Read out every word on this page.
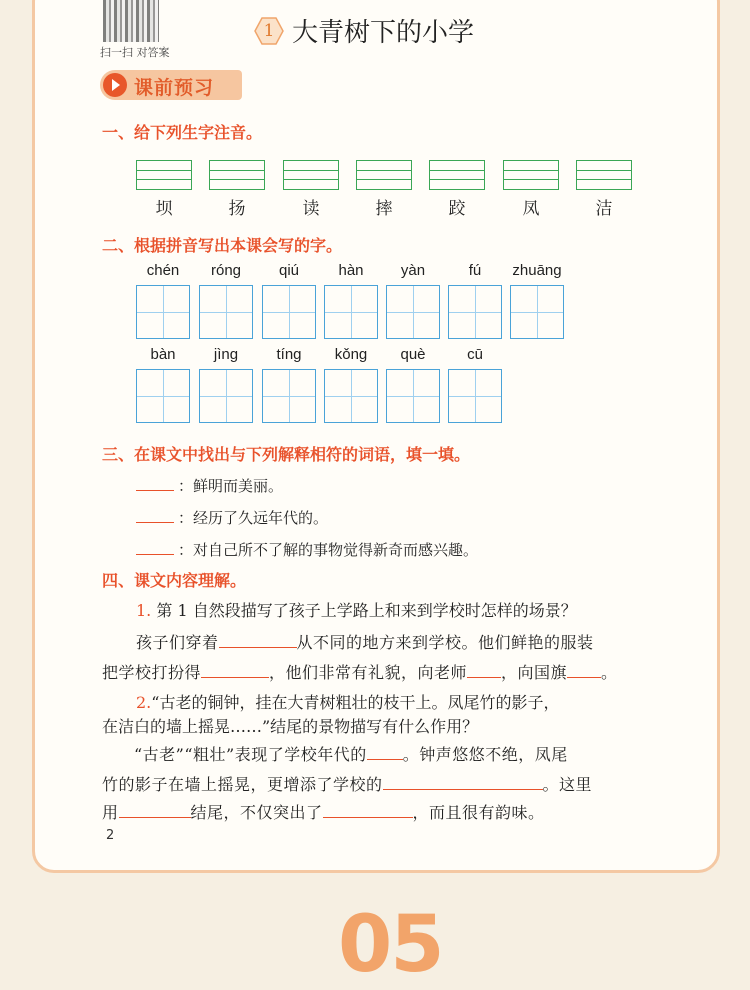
扫一扫 对答案
1 大青树下的小学
课前预习
一、给下列生字注音。
坝	扬	读	摔	跤	凤	洁
二、根据拼音写出本课会写的字。
chén	róng	qiú	hàn	yàn	fú	zhuāng
bàn	jìng	tíng	kǒng	què	cū
三、在课文中找出与下列解释相符的词语，填一填。
：鲜明而美丽。
：经历了久远年代的。
：对自己所不了解的事物觉得新奇而感兴趣。
四、课文内容理解。
1. 第 1 自然段描写了孩子上学路上和来到学校时怎样的场景？
孩子们穿着	从不同的地方来到学校。他们鲜艳的服装
把学校打扮得	，他们非常有礼貌，向老师 ，向国旗 。
2.“古老的铜钟，挂在大青树粗壮的枝干上。凤尾竹的影子，
在洁白的墙上摇晃……”结尾的景物描写有什么作用？
“古老”“粗壮”表现了学校年代的 。钟声悠悠不绝，凤尾
竹的影子在墙上摇晃，更增添了学校的	。这里
用	结尾，不仅突出了	，而且很有韵味。
2
05
